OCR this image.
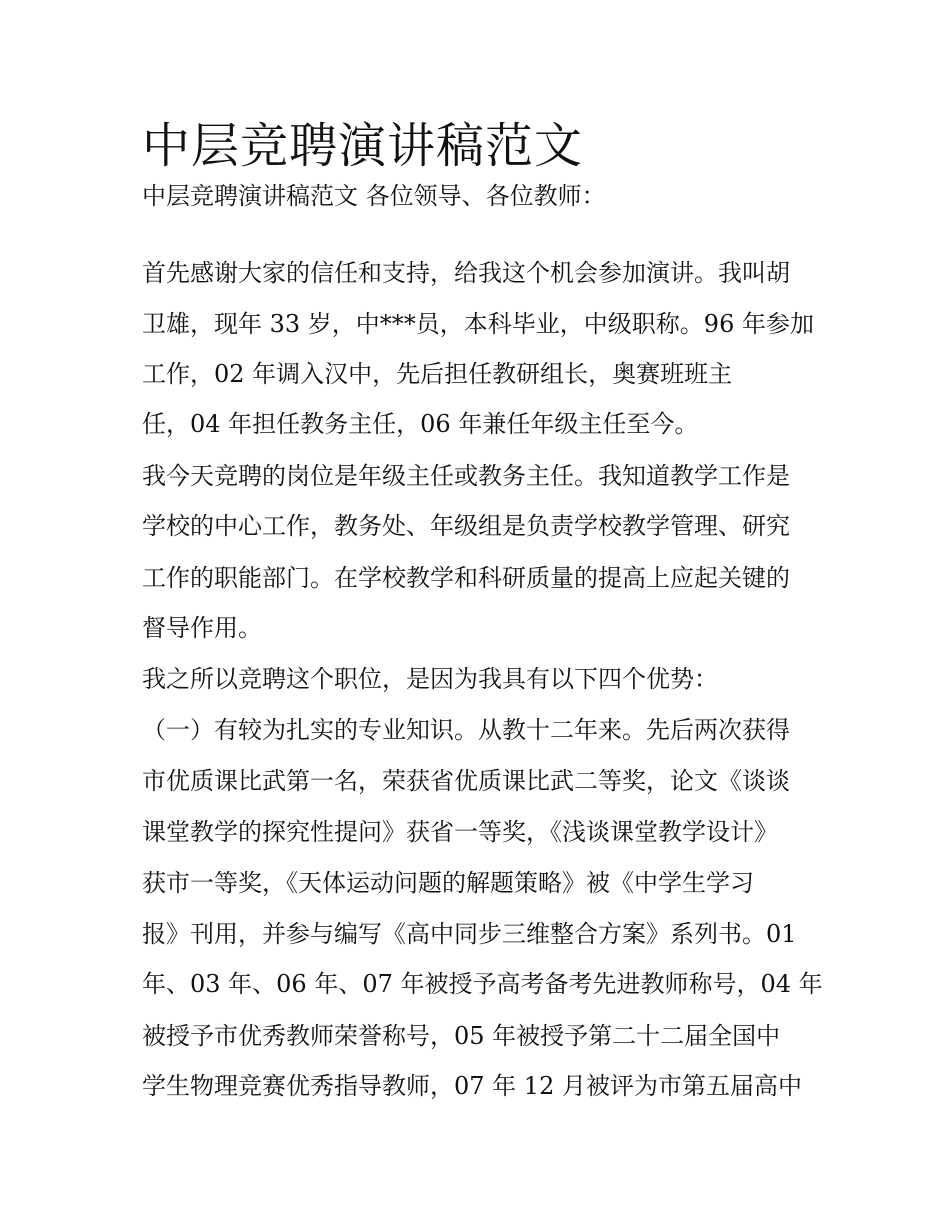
中层竞聘演讲稿范文

中层竞聘演讲稿范文 各位领导、各位教师：

首先感谢大家的信任和支持，给我这个机会参加演讲。我叫胡

卫雄，现年 33 岁，中***员，本科毕业，中级职称。96 年参加

工作，02 年调入汉中，先后担任教研组长，奥赛班班主

任，04 年担任教务主任，06 年兼任年级主任至今。

我今天竞聘的岗位是年级主任或教务主任。我知道教学工作是

学校的中心工作，教务处、年级组是负责学校教学管理、研究

工作的职能部门。在学校教学和科研质量的提高上应起关键的

督导作用。

我之所以竞聘这个职位，是因为我具有以下四个优势：

（一）有较为扎实的专业知识。从教十二年来。先后两次获得

市优质课比武第一名，荣获省优质课比武二等奖，论文《谈谈

课堂教学的探究性提问》获省一等奖，《浅谈课堂教学设计》

获市一等奖，《天体运动问题的解题策略》被《中学生学习

报》刊用，并参与编写《高中同步三维整合方案》系列书。01

年、03 年、06 年、07 年被授予高考备考先进教师称号，04 年

被授予市优秀教师荣誉称号，05 年被授予第二十二届全国中

学生物理竞赛优秀指导教师，07 年 12 月被评为市第五届高中
